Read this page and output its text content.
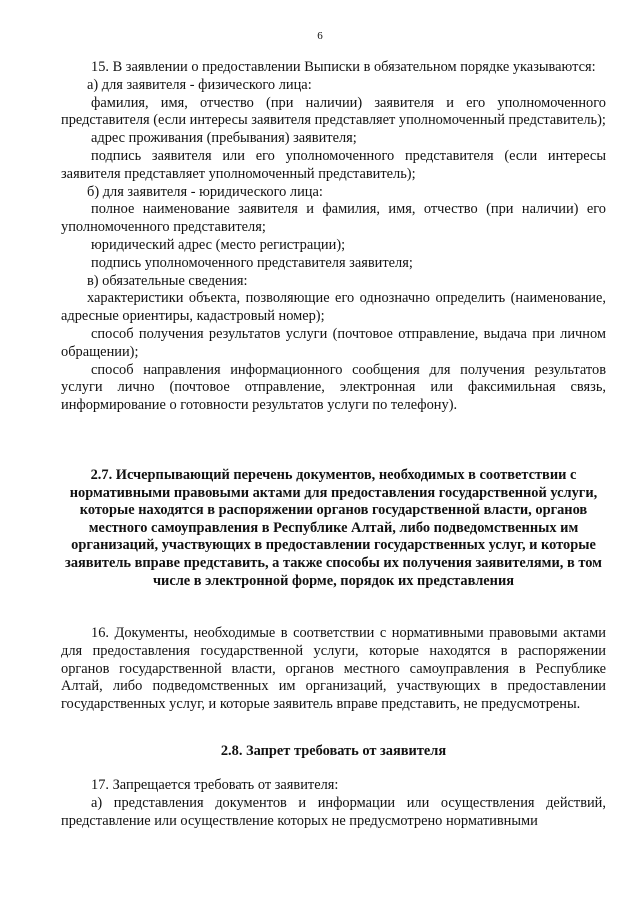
6

15. В заявлении о предоставлении Выписки в обязательном порядке указываются:

а) для заявителя - физического лица:

фамилия, имя, отчество (при наличии) заявителя и его уполномоченного представителя (если интересы заявителя представляет уполномоченный представитель);

адрес проживания (пребывания) заявителя;

подпись заявителя или его уполномоченного представителя (если интересы заявителя представляет уполномоченный представитель);

б) для заявителя - юридического лица:

полное наименование заявителя и фамилия, имя, отчество (при наличии) его уполномоченного представителя;

юридический адрес (место регистрации);

подпись уполномоченного представителя заявителя;

в) обязательные сведения:

характеристики объекта, позволяющие его однозначно определить (наименование, адресные ориентиры, кадастровый номер);

способ получения результатов услуги (почтовое отправление, выдача при личном обращении);

способ направления информационного сообщения для получения результатов услуги лично (почтовое отправление, электронная или факсимильная связь, информирование о готовности результатов услуги по телефону).

2.7. Исчерпывающий перечень документов, необходимых в соответствии с нормативными правовыми актами для предоставления государственной услуги, которые находятся в распоряжении органов государственной власти, органов местного самоуправления в Республике Алтай, либо подведомственных им организаций, участвующих в предоставлении государственных услуг, и которые заявитель вправе представить, а также способы их получения заявителями, в том числе в электронной форме, порядок их представления

16. Документы, необходимые в соответствии с нормативными правовыми актами для предоставления государственной услуги, которые находятся в распоряжении органов государственной власти, органов местного самоуправления в Республике Алтай, либо подведомственных им организаций, участвующих в предоставлении государственных услуг, и которые заявитель вправе представить, не предусмотрены.

2.8. Запрет требовать от заявителя

17. Запрещается требовать от заявителя:

а) представления документов и информации или осуществления действий, представление или осуществление которых не предусмотрено нормативными
